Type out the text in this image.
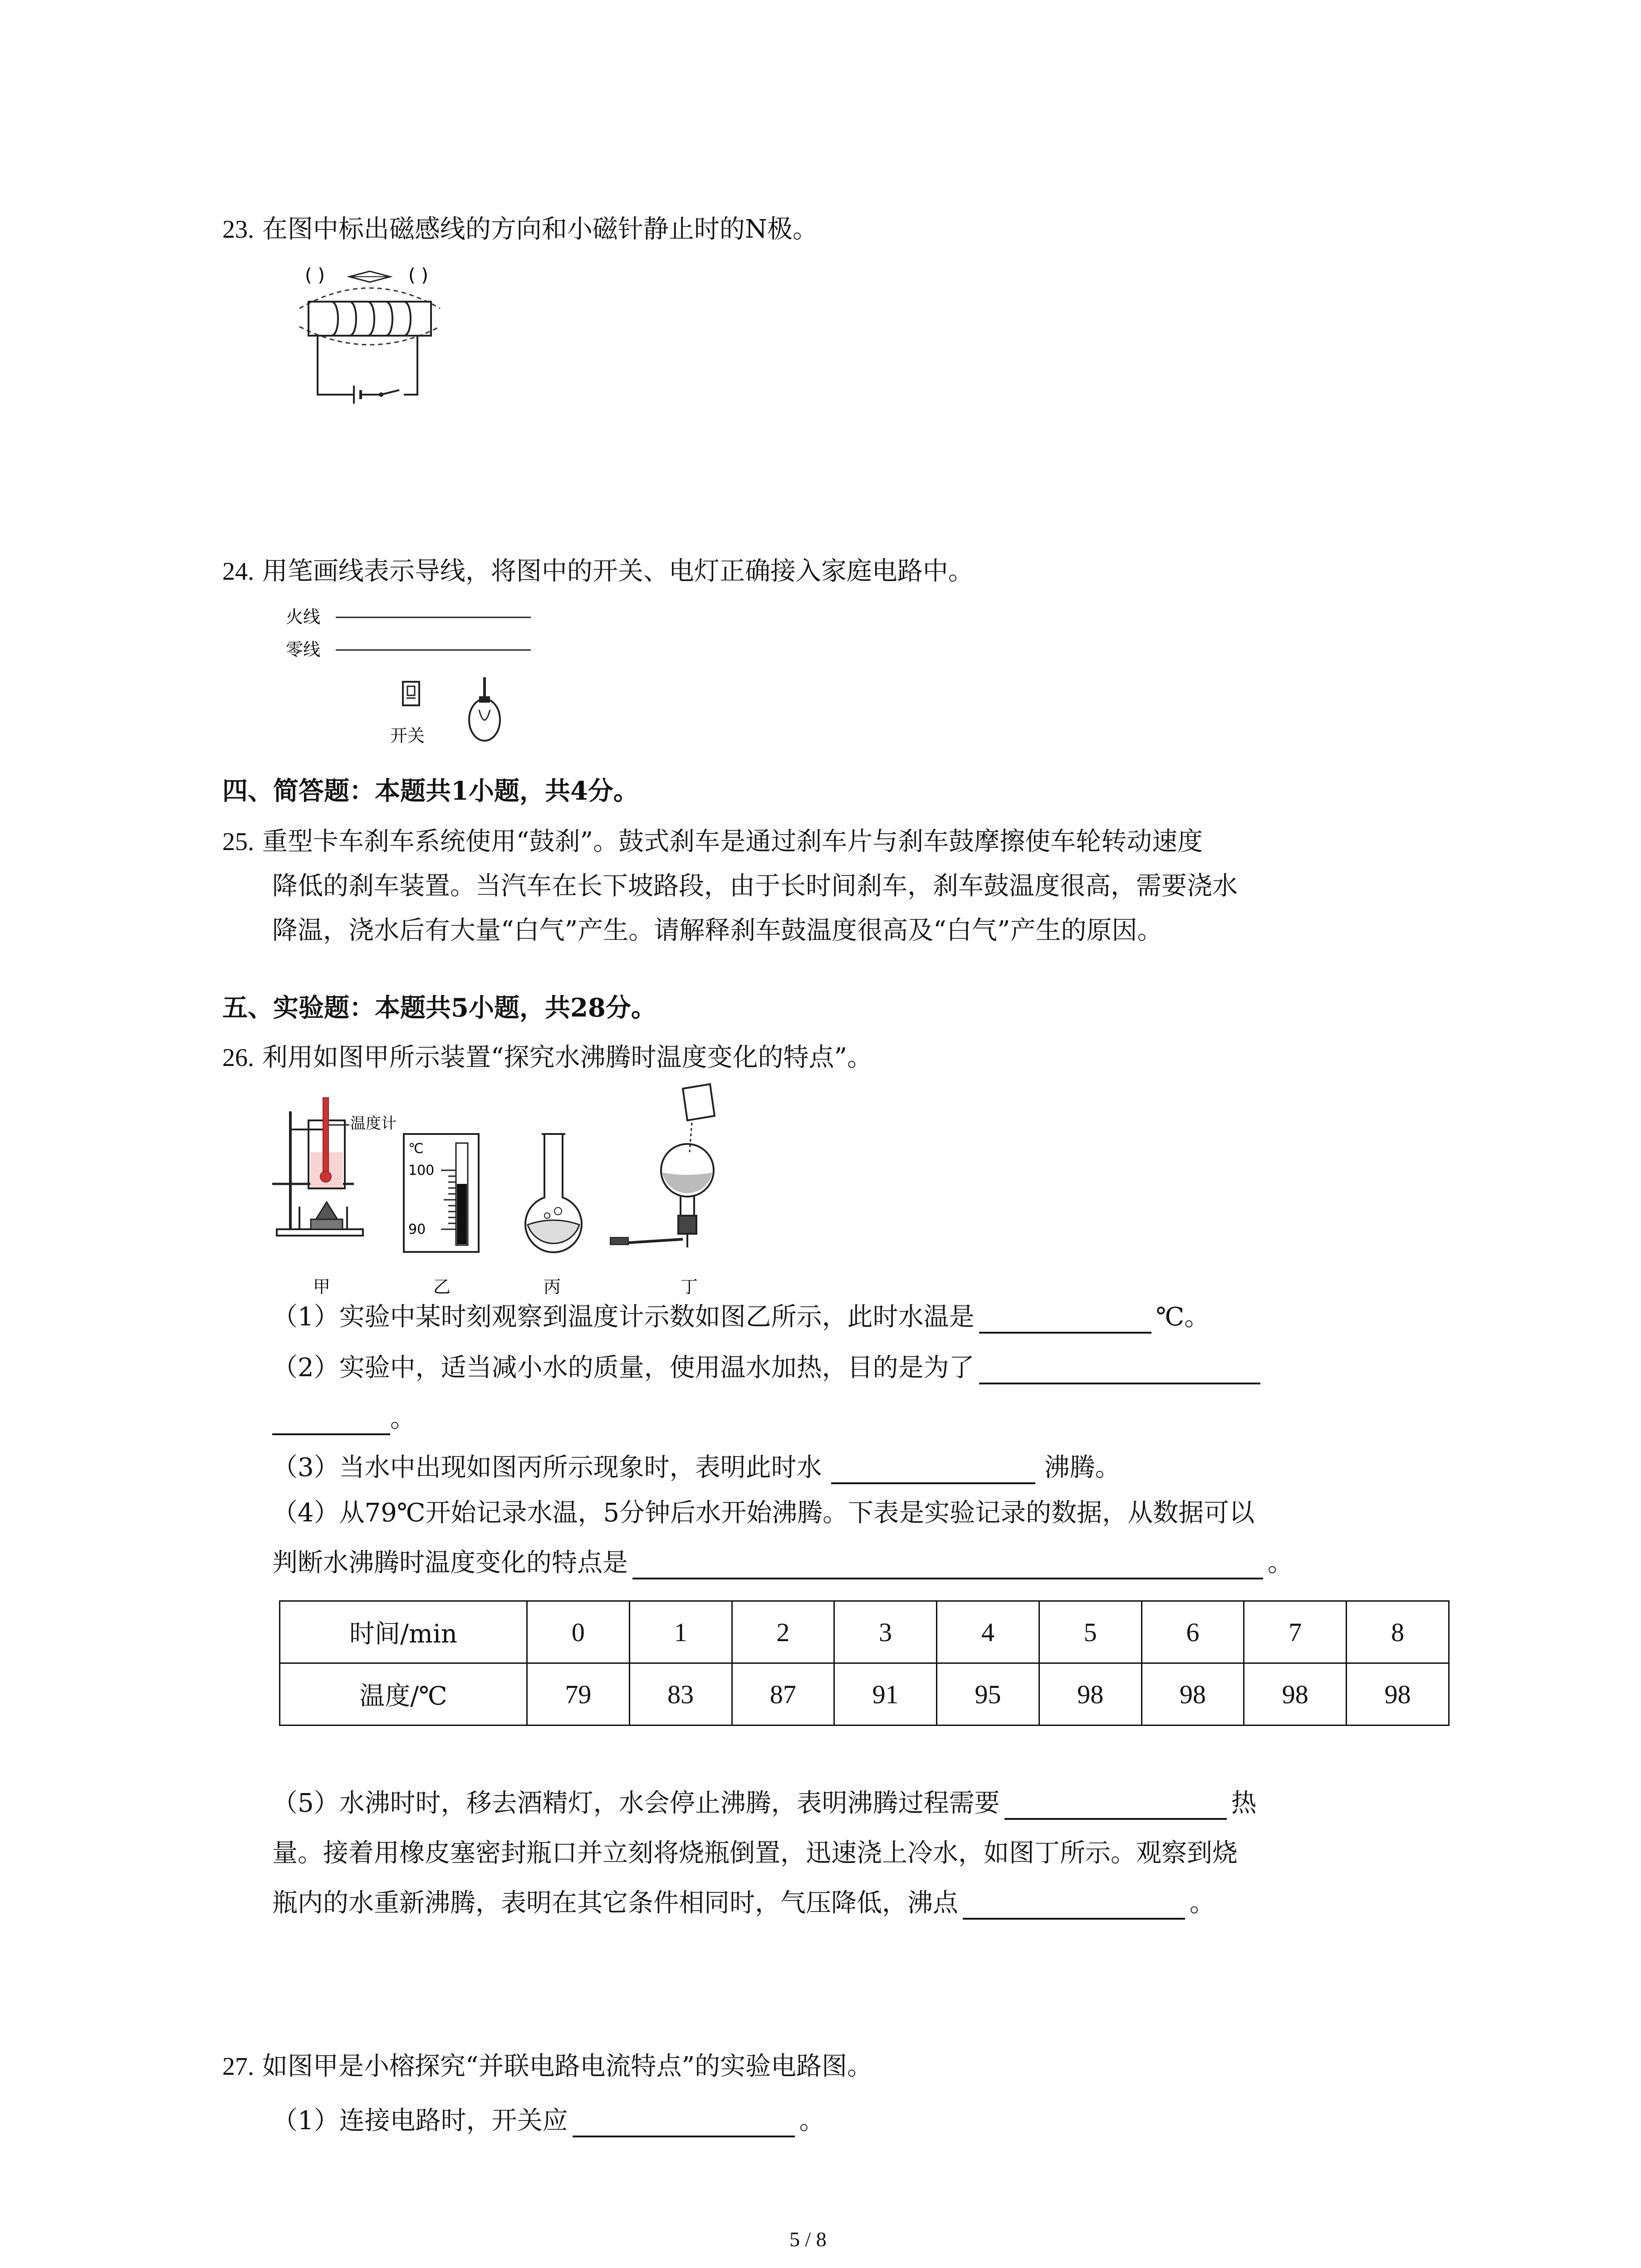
23. 在图中标出磁感线的方向和小磁针静止时的N极。
( )	( )
24. 用笔画线表示导线，将图中的开关、电灯正确接入家庭电路中。
火线
零线
开关
四、简答题：本题共1小题，共4分。
25. 重型卡车刹车系统使用“鼓刹”。鼓式刹车是通过刹车片与刹车鼓摩擦使车轮转动速度
降低的刹车装置。当汽车在长下坡路段，由于长时间刹车，刹车鼓温度很高，需要浇水
降温，浇水后有大量“白气”产生。请解释刹车鼓温度很高及“白气”产生的原因。
五、实验题：本题共5小题，共28分。
26. 利用如图甲所示装置“探究水沸腾时温度变化的特点”。
温度计
℃
100
90
甲	乙	丙	丁
（1）实验中某时刻观察到温度计示数如图乙所示，此时水温是	℃。
（2）实验中，适当减小水的质量，使用温水加热，目的是为了
。
（3）当水中出现如图丙所示现象时，表明此时水	沸腾。
（4）从79℃开始记录水温，5分钟后水开始沸腾。下表是实验记录的数据，从数据可以
判断水沸腾时温度变化的特点是	。
时间/min	0	1	2	3	4	5	6	7	8
温度/℃	79	83	87	91	95	98	98	98	98
（5）水沸时时，移去酒精灯，水会停止沸腾，表明沸腾过程需要	热
量。接着用橡皮塞密封瓶口并立刻将烧瓶倒置，迅速浇上冷水，如图丁所示。观察到烧
瓶内的水重新沸腾，表明在其它条件相同时，气压降低，沸点	。
27. 如图甲是小榕探究“并联电路电流特点”的实验电路图。
（1）连接电路时，开关应	。
5 / 8
